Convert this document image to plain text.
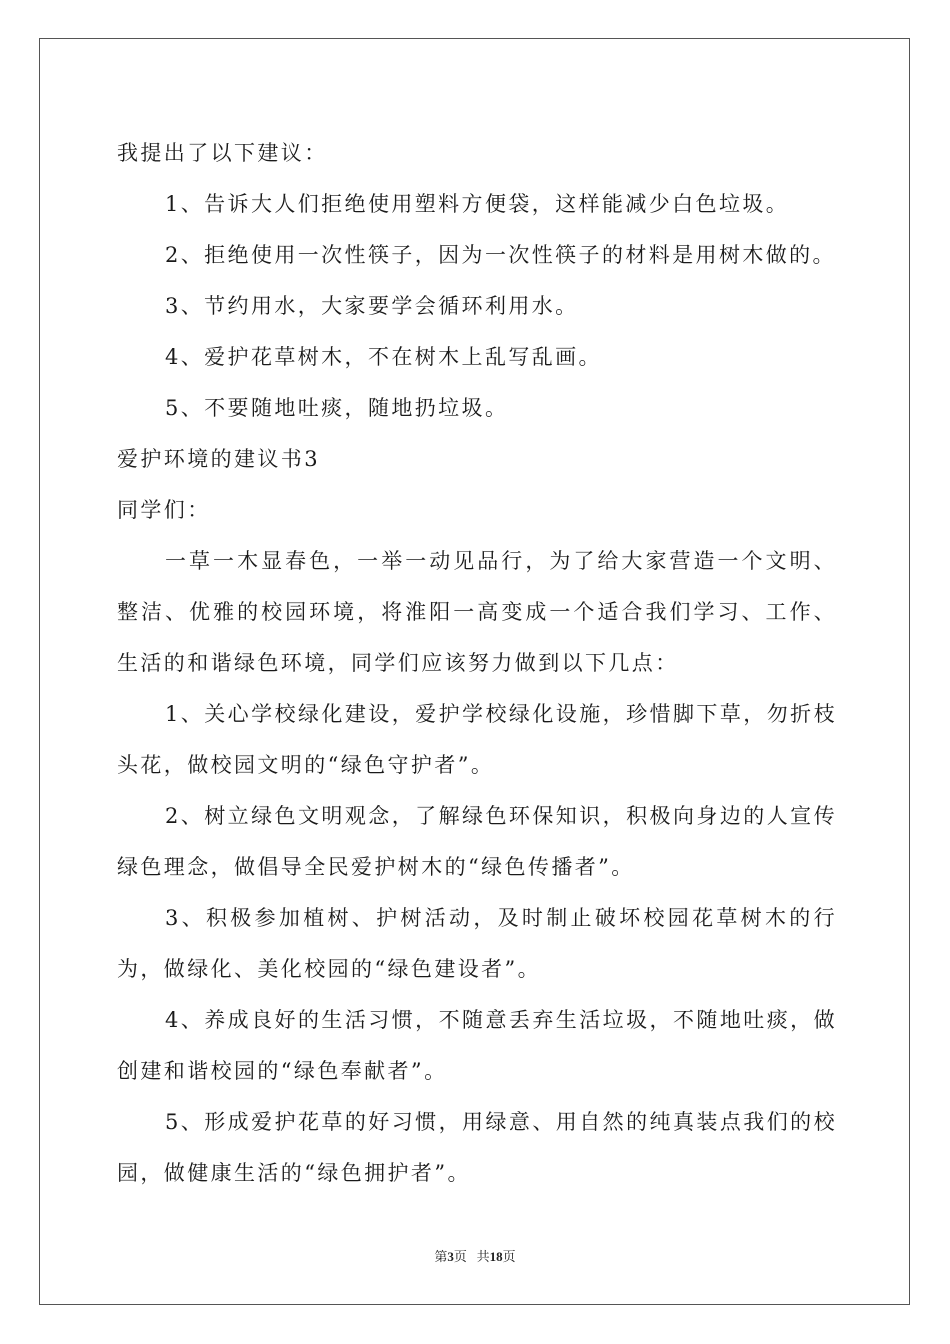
我提出了以下建议：
1、告诉大人们拒绝使用塑料方便袋，这样能减少白色垃圾。
2、拒绝使用一次性筷子，因为一次性筷子的材料是用树木做的。
3、节约用水，大家要学会循环利用水。
4、爱护花草树木，不在树木上乱写乱画。
5、不要随地吐痰，随地扔垃圾。
爱护环境的建议书3
同学们：
一草一木显春色，一举一动见品行，为了给大家营造一个文明、整洁、优雅的校园环境，将淮阳一高变成一个适合我们学习、工作、生活的和谐绿色环境，同学们应该努力做到以下几点：
1、关心学校绿化建设，爱护学校绿化设施，珍惜脚下草，勿折枝头花，做校园文明的“绿色守护者”。
2、树立绿色文明观念，了解绿色环保知识，积极向身边的人宣传绿色理念，做倡导全民爱护树木的“绿色传播者”。
3、积极参加植树、护树活动，及时制止破坏校园花草树木的行为，做绿化、美化校园的“绿色建设者”。
4、养成良好的生活习惯，不随意丢弃生活垃圾，不随地吐痰，做创建和谐校园的“绿色奉献者”。
5、形成爱护花草的好习惯，用绿意、用自然的纯真装点我们的校园，做健康生活的“绿色拥护者”。
第3页 共18页
